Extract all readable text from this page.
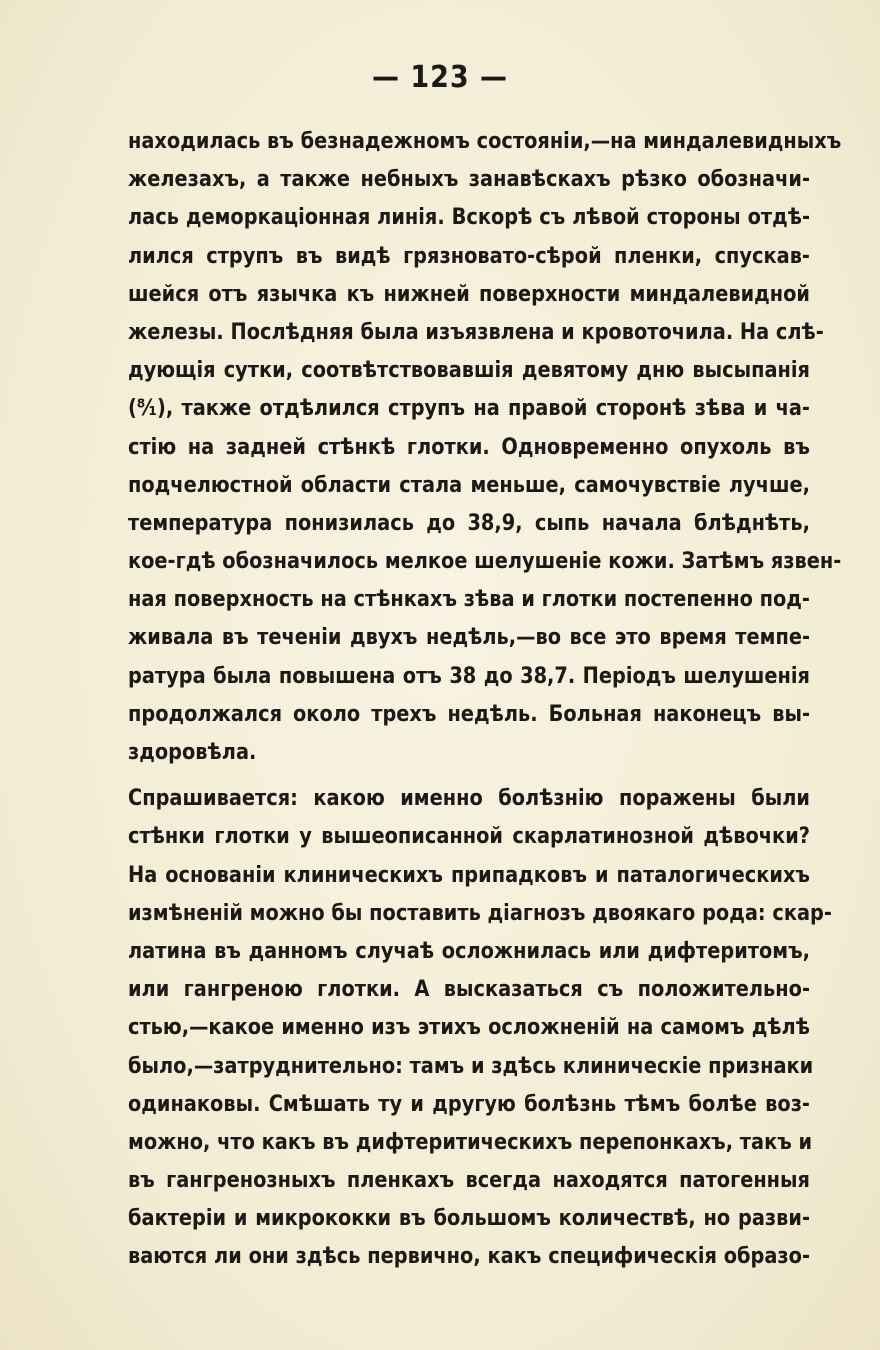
— 123 —
находилась въ безнадежномъ состояніи,—на миндалевидныхъ
железахъ, а также небныхъ занавѣскахъ рѣзко обозначи-
лась деморкаціонная линія. Вскорѣ съ лѣвой стороны отдѣ-
лился струпъ въ видѣ грязновато-сѣрой пленки, спускав-
шейся отъ язычка къ нижней поверхности миндалевидной
железы. Послѣдняя была изъязвлена и кровоточила. На слѣ-
дующія сутки, соотвѣтствовавшія девятому дню высыпанія
(⁸⁄₁), также отдѣлился струпъ на правой сторонѣ зѣва и ча-
стію на задней стѣнкѣ глотки. Одновременно опухоль въ
подчелюстной области стала меньше, самочувствіе лучше,
температура понизилась до 38,9, сыпь начала блѣднѣть,
кое-гдѣ обозначилось мелкое шелушеніе кожи. Затѣмъ язвен-
ная поверхность на стѣнкахъ зѣва и глотки постепенно под-
живала въ теченіи двухъ недѣль,—во все это время темпе-
ратура была повышена отъ 38 до 38,7. Періодъ шелушенія
продолжался около трехъ недѣль. Больная наконецъ вы-
здоровѣла.
Спрашивается: какою именно болѣзнію поражены были
стѣнки глотки у вышеописанной скарлатинозной дѣвочки?
На основаніи клиническихъ припадковъ и паталогическихъ
измѣненій можно бы поставить діагнозъ двоякаго рода: скар-
латина въ данномъ случаѣ осложнилась или дифтеритомъ,
или гангреною глотки. А высказаться съ положительно-
стью,—какое именно изъ этихъ осложненій на самомъ дѣлѣ
было,—затруднительно: тамъ и здѣсь клиническіе признаки
одинаковы. Смѣшать ту и другую болѣзнь тѣмъ болѣе воз-
можно, что какъ въ дифтеритическихъ перепонкахъ, такъ и
въ гангренозныхъ пленкахъ всегда находятся патогенныя
бактеріи и микрококки въ большомъ количествѣ, но разви-
ваются ли они здѣсь первично, какъ специфическія образо-
